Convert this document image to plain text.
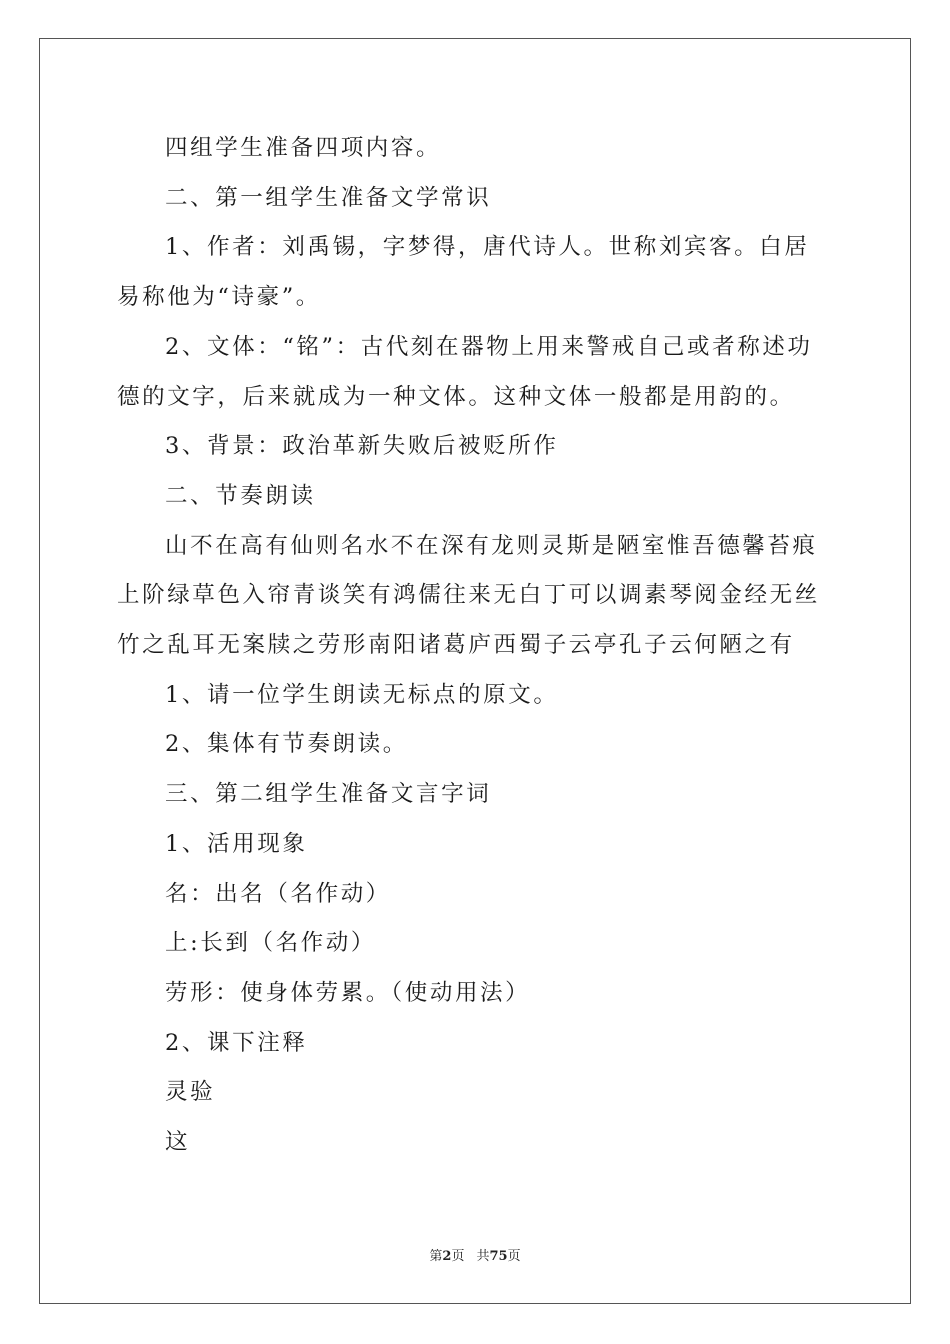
四组学生准备四项内容。

二、第一组学生准备文学常识

1、作者：刘禹锡，字梦得，唐代诗人。世称刘宾客。白居易称他为“诗豪”。

2、文体：“铭”：古代刻在器物上用来警戒自己或者称述功德的文字，后来就成为一种文体。这种文体一般都是用韵的。

3、背景：政治革新失败后被贬所作

二、节奏朗读

山不在高有仙则名水不在深有龙则灵斯是陋室惟吾德馨苔痕上阶绿草色入帘青谈笑有鸿儒往来无白丁可以调素琴阅金经无丝竹之乱耳无案牍之劳形南阳诸葛庐西蜀子云亭孔子云何陋之有

1、请一位学生朗读无标点的原文。

2、集体有节奏朗读。

三、第二组学生准备文言字词

1、活用现象

名：出名（名作动）

上:长到（名作动）

劳形：使身体劳累。（使动用法）

2、课下注释

灵验

这

第2页 共75页
